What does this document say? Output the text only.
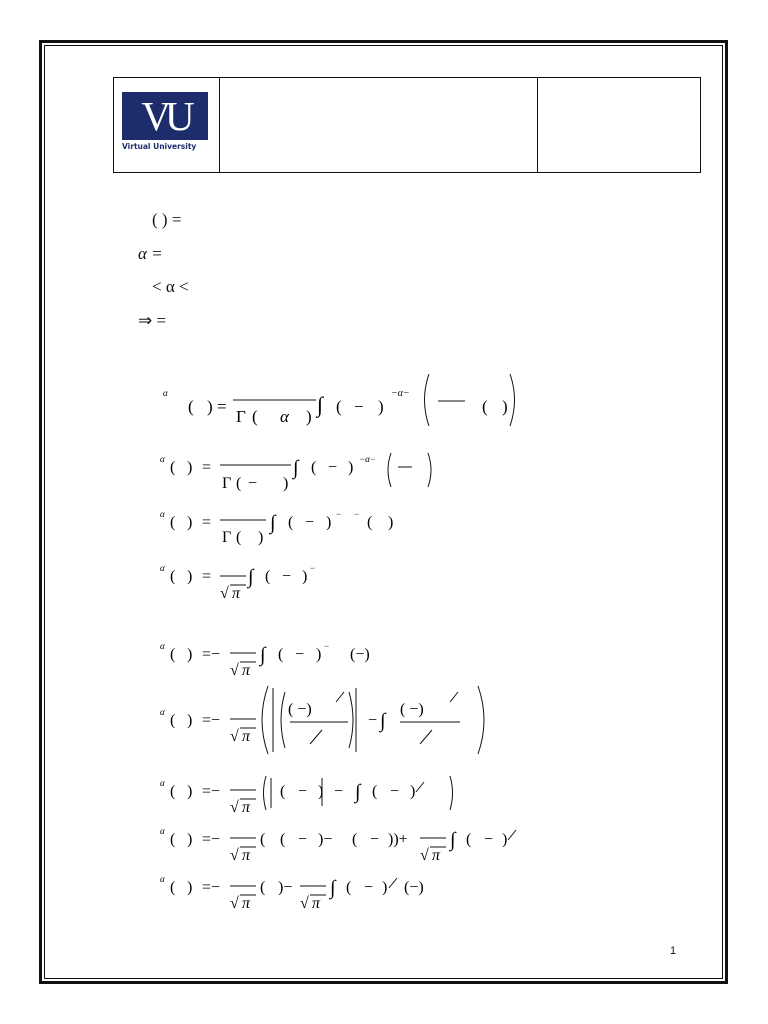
VU
Virtual University
( ) =
α =
< α <
⇒ =
α
( ) =
Γ ( α ) ∫ ( − )
−α−
( )
α ( ) =
Γ ( − )
∫ ( − ) −α−
α ( ) =
Γ ( )
∫ ( − ) − − ( )
α ( ) =
√ π
∫ ( − ) −
α ( ) =−
√ π
∫ ( − ) − (−)
α ( ) =−
√ π
( −)
− ∫
( −)
α ( ) =−
√ π
( − ) − ∫ ( − )
α ( ) =−
√ π
( ( − )− ( − ))+
√ π
∫ ( − )
α ( ) =−
√ π
( )−
√ π
∫ ( − ) (−)
1
